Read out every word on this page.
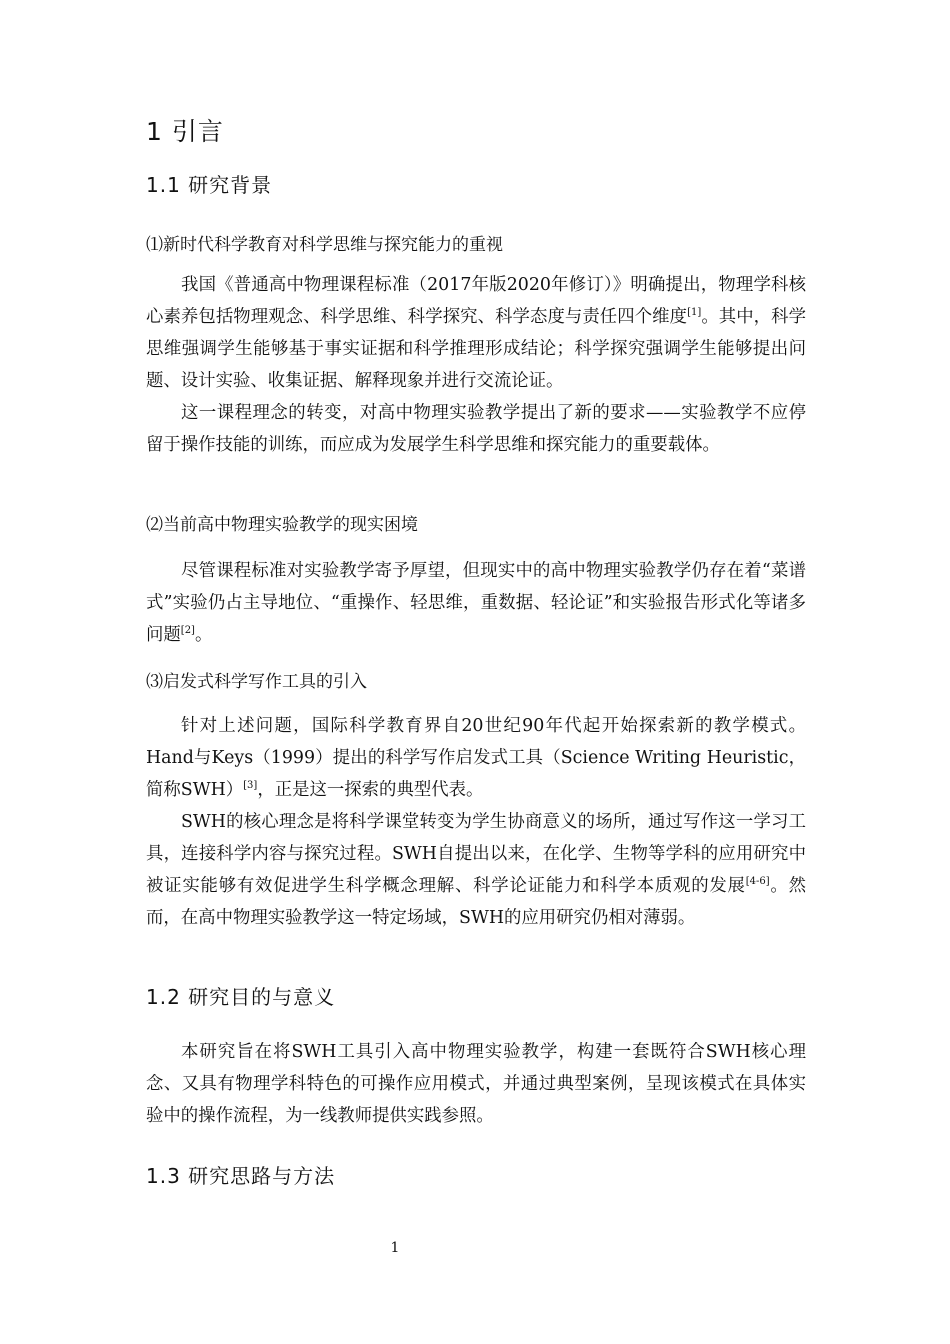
1 引言
1.1 研究背景
⑴新时代科学教育对科学思维与探究能力的重视

我国《普通高中物理课程标准（2017年版2020年修订）》明确提出，物理学科核心素养包括物理观念、科学思维、科学探究、科学态度与责任四个维度[1]。其中，科学思维强调学生能够基于事实证据和科学推理形成结论；科学探究强调学生能够提出问题、设计实验、收集证据、解释现象并进行交流论证。

这一课程理念的转变，对高中物理实验教学提出了新的要求——实验教学不应停留于操作技能的训练，而应成为发展学生科学思维和探究能力的重要载体。

⑵当前高中物理实验教学的现实困境

尽管课程标准对实验教学寄予厚望，但现实中的高中物理实验教学仍存在着“菜谱式”实验仍占主导地位、“重操作、轻思维，重数据、轻论证”和实验报告形式化等诸多问题[2]。

⑶启发式科学写作工具的引入

针对上述问题，国际科学教育界自20世纪90年代起开始探索新的教学模式。Hand与Keys（1999）提出的科学写作启发式工具（Science Writing Heuristic，简称SWH）[3]，正是这一探索的典型代表。

SWH的核心理念是将科学课堂转变为学生协商意义的场所，通过写作这一学习工具，连接科学内容与探究过程。SWH自提出以来，在化学、生物等学科的应用研究中被证实能够有效促进学生科学概念理解、科学论证能力和科学本质观的发展[4-6]。然而，在高中物理实验教学这一特定场域，SWH的应用研究仍相对薄弱。

1.2 研究目的与意义

本研究旨在将SWH工具引入高中物理实验教学，构建一套既符合SWH核心理念、又具有物理学科特色的可操作应用模式，并通过典型案例，呈现该模式在具体实验中的操作流程，为一线教师提供实践参照。

1.3 研究思路与方法
1
